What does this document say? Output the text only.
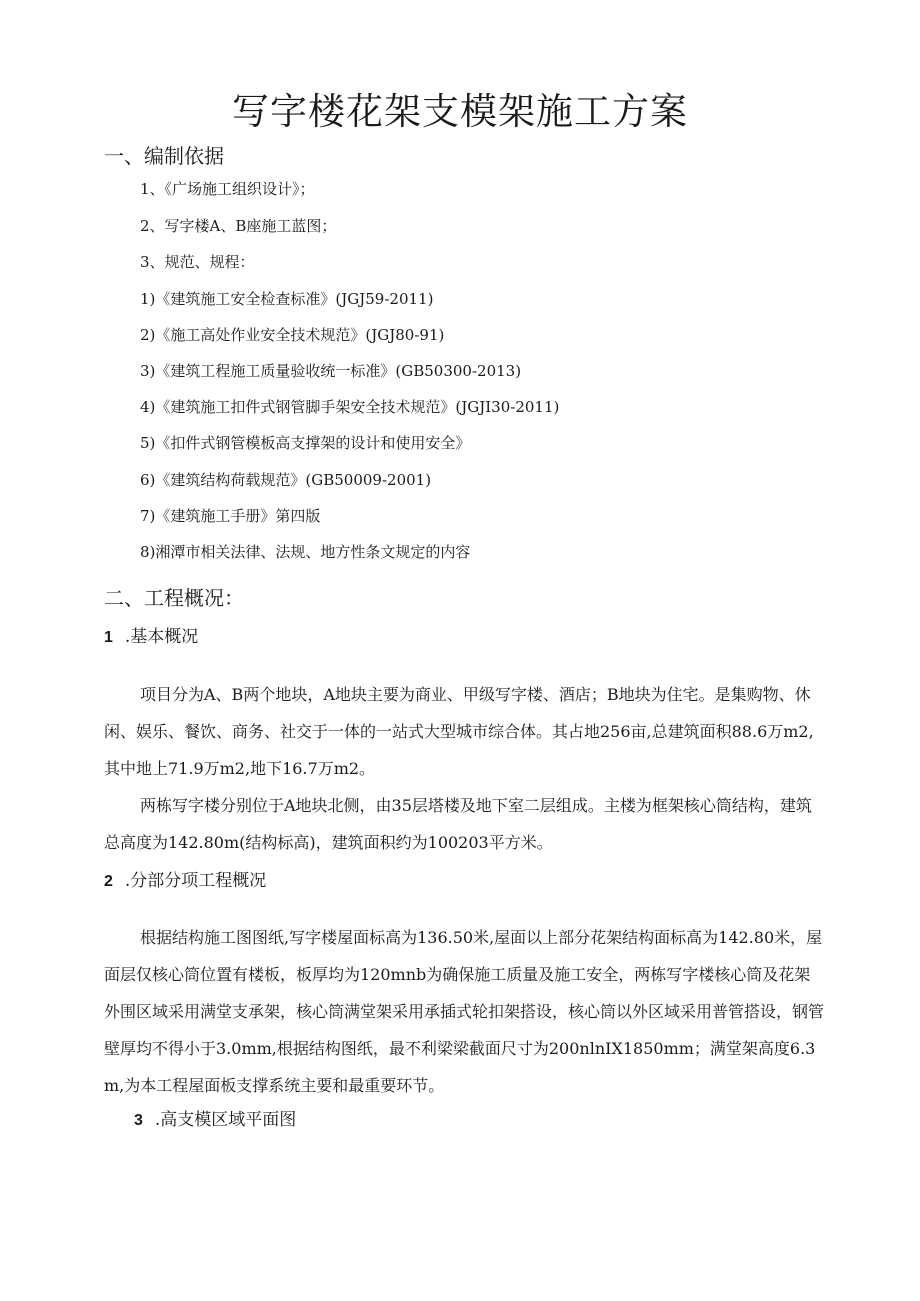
写字楼花架支模架施工方案
一、编制依据
1、《广场施工组织设计》；
2、写字楼A、B座施工蓝图；
3、规范、规程：
1)《建筑施工安全检查标准》(JGJ59-2011)
2)《施工高处作业安全技术规范》(JGJ80-91)
3)《建筑工程施工质量验收统一标准》(GB50300-2013)
4)《建筑施工扣件式钢管脚手架安全技术规范》(JGJI30-2011)
5)《扣件式钢管模板高支撑架的设计和使用安全》
6)《建筑结构荷载规范》(GB50009-2001)
7)《建筑施工手册》第四版
8)湘潭市相关法律、法规、地方性条文规定的内容
二、工程概况：
1 .基本概况

项目分为A、B两个地块，A地块主要为商业、甲级写字楼、酒店；B地块为住宅。是集购物、休闲、娱乐、餐饮、商务、社交于一体的一站式大型城市综合体。其占地256亩,总建筑面积88.6万m2,其中地上71.9万m2,地下16.7万m2。

两栋写字楼分别位于A地块北侧，由35层塔楼及地下室二层组成。主楼为框架核心筒结构，建筑总高度为142.80m(结构标高)，建筑面积约为100203平方米。

2 .分部分项工程概况

根据结构施工图图纸,写字楼屋面标高为136.50米,屋面以上部分花架结构面标高为142.80米，屋面层仅核心筒位置有楼板，板厚均为120mnb为确保施工质量及施工安全，两栋写字楼核心筒及花架外围区域采用满堂支承架，核心筒满堂架采用承插式轮扣架搭设，核心筒以外区域采用普管搭设，钢管壁厚均不得小于3.0mm,根据结构图纸，最不利梁梁截面尺寸为200nlnIX1850mm；满堂架高度6.3m,为本工程屋面板支撑系统主要和最重要环节。

3 .高支模区域平面图
